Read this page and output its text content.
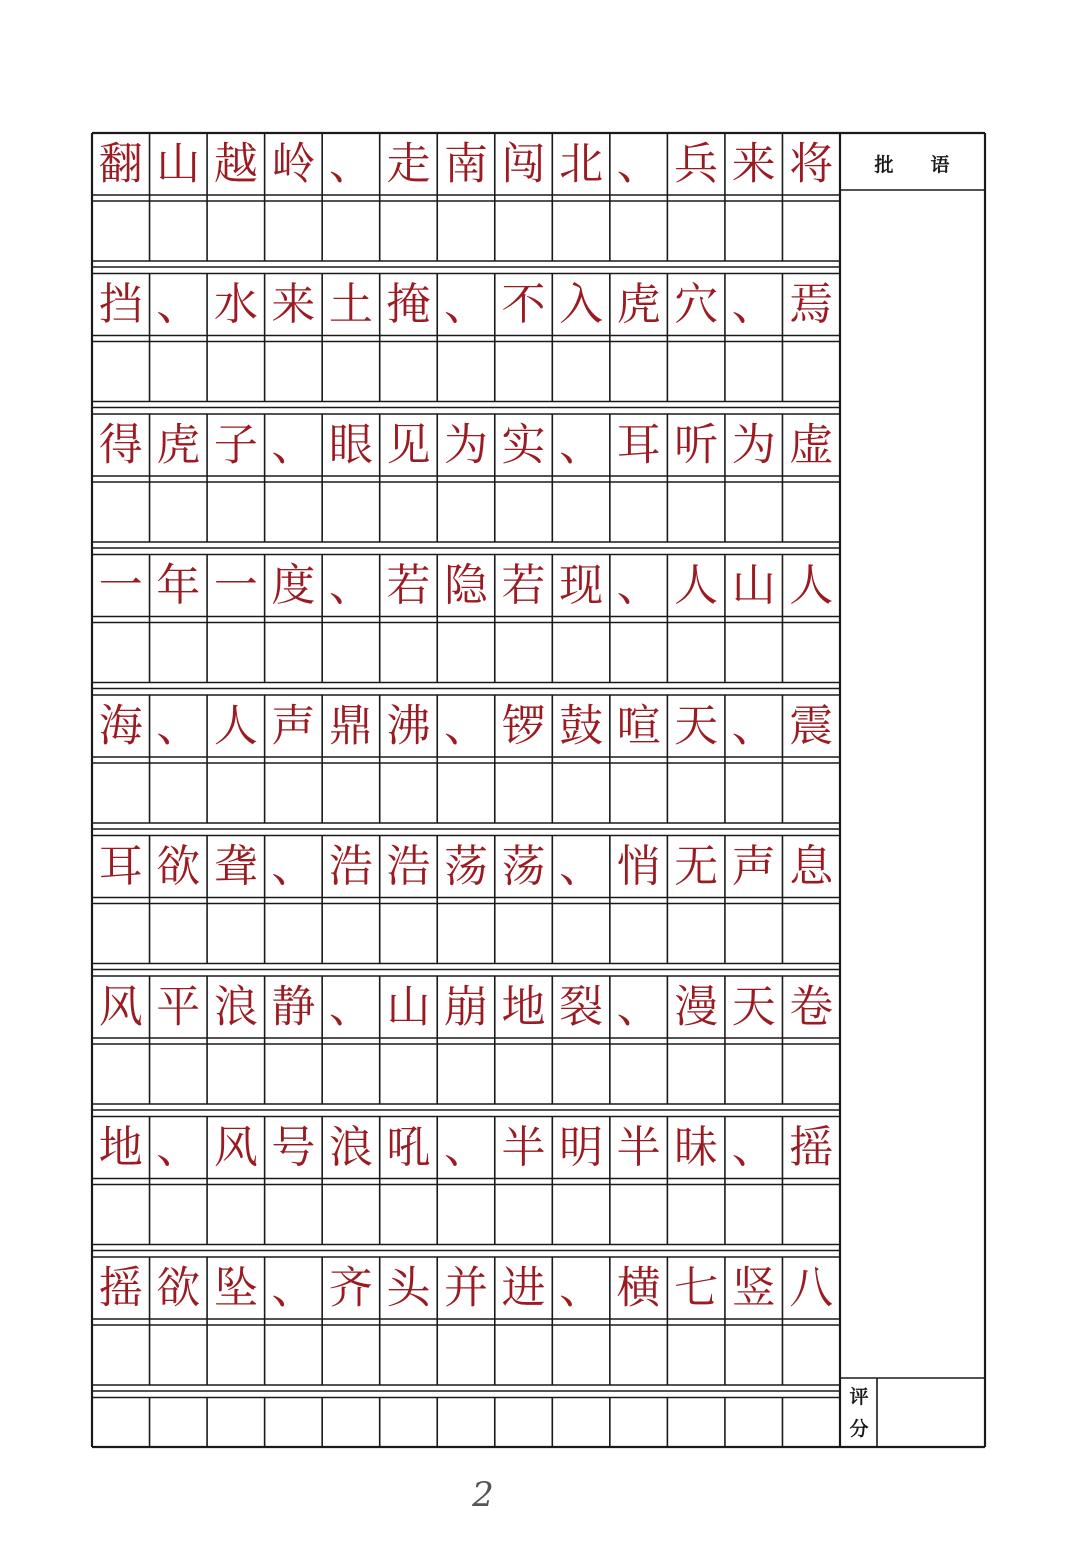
翻 山 越 岭 、 走 南 闯 北 、 兵 来 将
挡 、 水 来 土 掩 、 不 入 虎 穴 、 焉
得 虎 子 、 眼 见 为 实 、 耳 听 为 虚
一 年 一 度 、 若 隐 若 现 、 人 山 人
海 、 人 声 鼎 沸 、 锣 鼓 喧 天 、 震
耳 欲 聋 、 浩 浩 荡 荡 、 悄 无 声 息
风 平 浪 静 、 山 崩 地 裂 、 漫 天 卷
地 、 风 号 浪 吼 、 半 明 半 昧 、 摇
摇 欲 坠 、 齐 头 并 进 、 横 七 竖 八
批 语
评
分
2
